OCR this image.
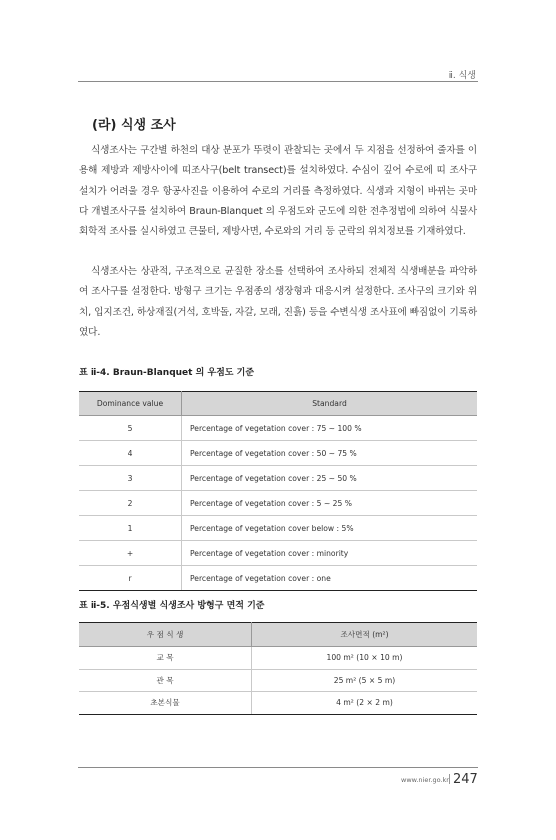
ⅱ. 식생
(라) 식생 조사

식생조사는 구간별 하천의 대상 분포가 뚜렷이 관찰되는 곳에서 두 지점을 선정하여 줄자를 이용해 제방과 제방사이에 띠조사구(belt transect)를 설치하였다. 수심이 깊어 수로에 띠 조사구 설치가 어려울 경우 항공사진을 이용하여 수로의 거리를 측정하였다. 식생과 지형이 바뀌는 곳마다 개별조사구를 설치하여 Braun-Blanquet 의 우점도와 군도에 의한 전추정법에 의하여 식물사회학적 조사를 실시하였고 큰물터, 제방사면, 수로와의 거리 등 군락의 위치정보를 기재하였다.

식생조사는 상관적, 구조적으로 균질한 장소를 선택하여 조사하되 전체적 식생배분을 파악하여 조사구를 설정한다. 방형구 크기는 우점종의 생장형과 대응시켜 설정한다. 조사구의 크기와 위치, 입지조건, 하상재질(거석, 호박돌, 자갈, 모래, 진흙) 등을 수변식생 조사표에 빠짐없이 기록하였다.

표 ⅱ-4. Braun-Blanquet 의 우점도 기준
Dominance value	Standard
5	Percentage of vegetation cover : 75 ~ 100 %
4	Percentage of vegetation cover : 50 ~ 75 %
3	Percentage of vegetation cover : 25 ~ 50 %
2	Percentage of vegetation cover : 5 ~ 25 %
1	Percentage of vegetation cover below : 5%
+	Percentage of vegetation cover : minority
r	Percentage of vegetation cover : one
표 ⅱ-5. 우점식생별 식생조사 방형구 면적 기준
우 점 식 생	조사면적 (m²)
교 목	100 m² (10 × 10 m)
관 목	25 m² (5 × 5 m)
초본식물	4 m² (2 × 2 m)
www.nier.go.kr 247
